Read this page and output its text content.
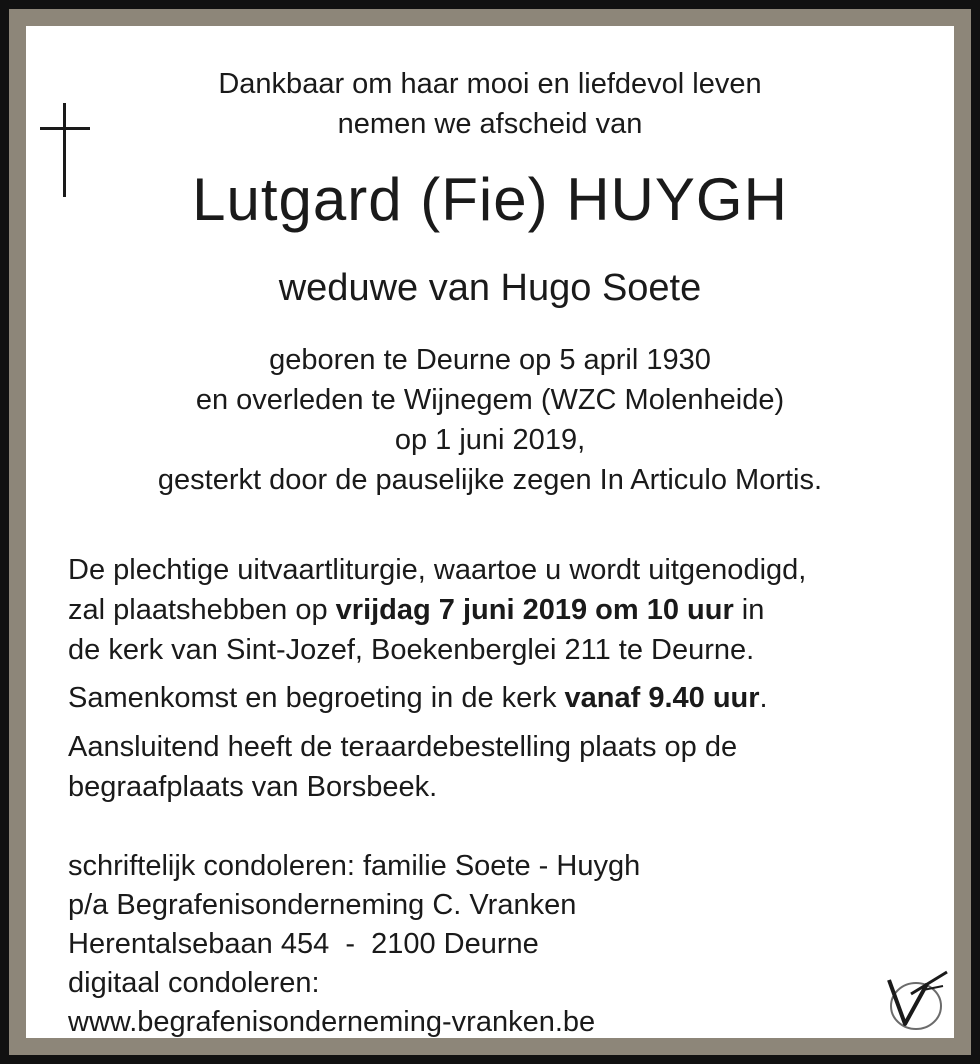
Dankbaar om haar mooi en liefdevol leven
nemen we afscheid van
Lutgard (Fie) HUYGH
weduwe van Hugo Soete
geboren te Deurne op 5 april 1930
en overleden te Wijnegem (WZC Molenheide)
op 1 juni 2019,
gesterkt door de pauselijke zegen In Articulo Mortis.
De plechtige uitvaartliturgie, waartoe u wordt uitgenodigd,
zal plaatshebben op vrijdag 7 juni 2019 om 10 uur in
de kerk van Sint-Jozef, Boekenberglei 211 te Deurne.
Samenkomst en begroeting in de kerk vanaf 9.40 uur.
Aansluitend heeft de teraardebestelling plaats op de
begraafplaats van Borsbeek.
schriftelijk condoleren: familie Soete - Huygh
p/a Begrafenisonderneming C. Vranken
Herentalsebaan 454  -  2100 Deurne
digitaal condoleren:
www.begrafenisonderneming-vranken.be
